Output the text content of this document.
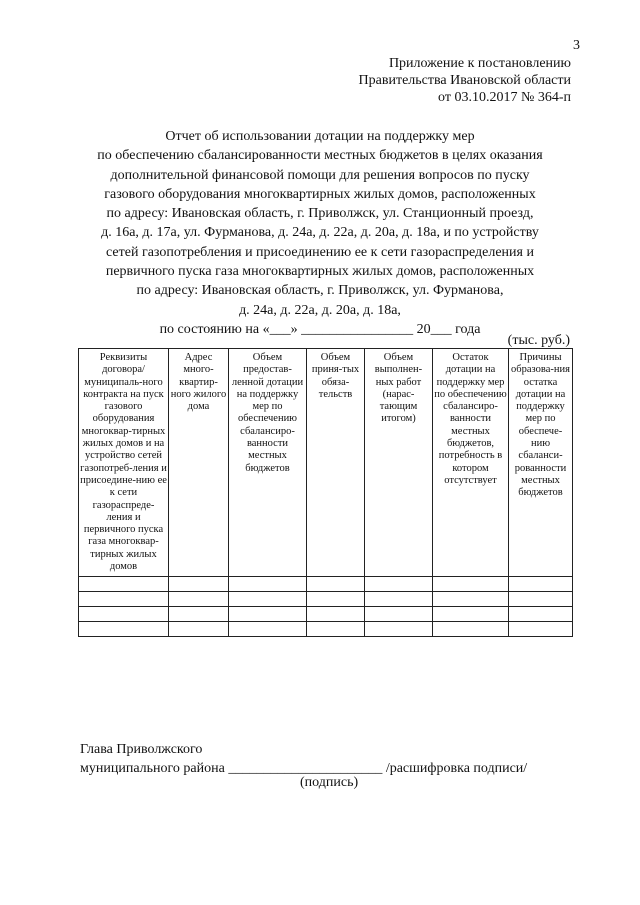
3
Приложение к постановлению
Правительства Ивановской области
от 03.10.2017 № 364-п
Отчет об использовании дотации на поддержку мер
по обеспечению сбалансированности местных бюджетов в целях оказания
дополнительной финансовой помощи для решения вопросов по пуску
газового оборудования многоквартирных жилых домов, расположенных
по адресу: Ивановская область, г. Приволжск, ул. Станционный проезд,
д. 16а, д. 17а, ул. Фурманова, д. 24а, д. 22а, д. 20а, д. 18а, и по устройству
сетей газопотребления и присоединению ее к сети газораспределения и
первичного пуска газа многоквартирных жилых домов, расположенных
по адресу: Ивановская область, г. Приволжск, ул. Фурманова,
д. 24а, д. 22а, д. 20а, д. 18а,
по состоянию на «___» ________________ 20___ года
(тыс. руб.)
Реквизиты договора/ муниципаль-ного контракта на пуск газового оборудования многоквар-тирных жилых домов и на устройство сетей газопотреб-ления и присоедине-нию ее к сети газораспреде-ления и первичного пуска газа многоквар-тирных жилых домов	Адрес много-квартир-ного жилого дома	Объем предостав-ленной дотации на поддержку мер по обеспечению сбалансиро-ванности местных бюджетов	Объем приня-тых обяза-тельств	Объем выполнен-ных работ (нарас-тающим итогом)	Остаток дотации на поддержку мер по обеспечению сбалансиро-ванности местных бюджетов, потребность в котором отсутствует	Причины образова-ния остатка дотации на поддержку мер по обеспече-нию сбаланси-рованности местных бюджетов

Глава Приволжского
муниципального района ______________________ /расшифровка подписи/
(подпись)
